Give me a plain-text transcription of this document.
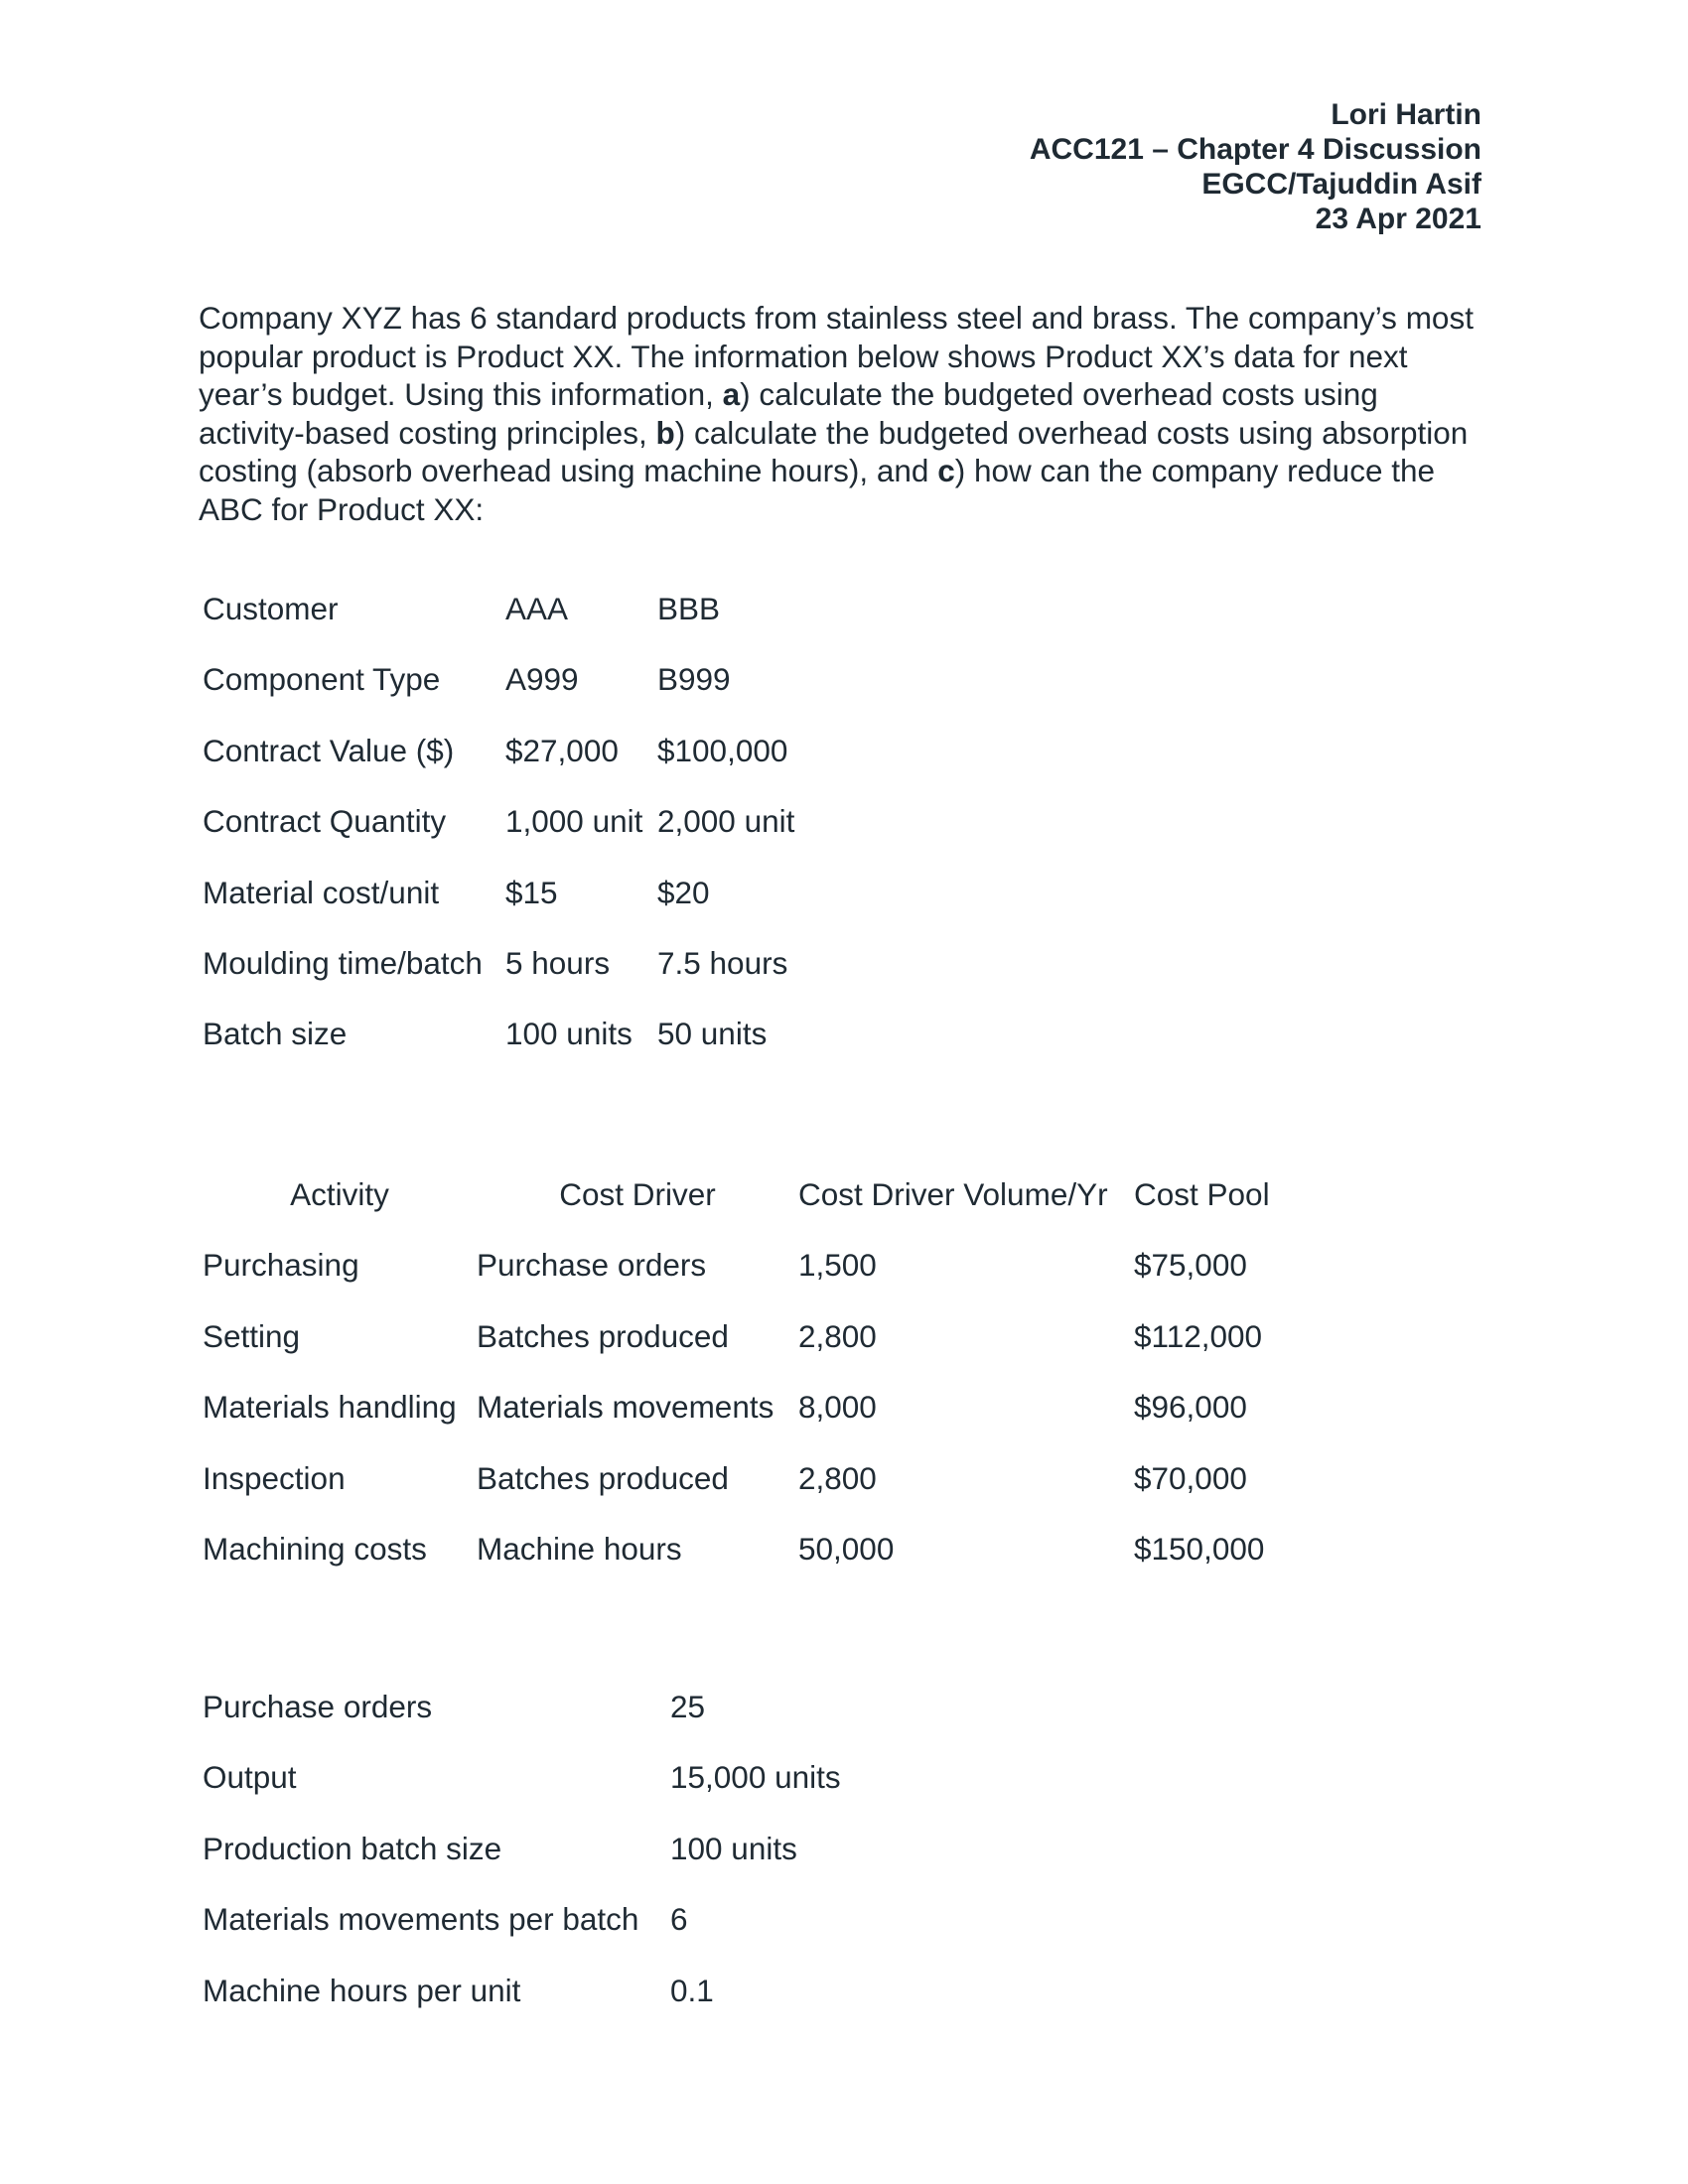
Lori Hartin
ACC121 – Chapter 4 Discussion
EGCC/Tajuddin Asif
23 Apr 2021

Company XYZ has 6 standard products from stainless steel and brass. The company’s most popular product is Product XX. The information below shows Product XX’s data for next year’s budget. Using this information, a) calculate the budgeted overhead costs using activity-based costing principles, b) calculate the budgeted overhead costs using absorption costing (absorb overhead using machine hours), and c) how can the company reduce the ABC for Product XX:

Customer	AAA	BBB
Component Type	A999	B999
Contract Value ($)	$27,000	$100,000
Contract Quantity	1,000 unit	2,000 unit
Material cost/unit	$15	$20
Moulding time/batch	5 hours	7.5 hours
Batch size	100 units	50 units
Activity	Cost Driver	Cost Driver Volume/Yr	Cost Pool
Purchasing	Purchase orders	1,500	$75,000
Setting	Batches produced	2,800	$112,000
Materials handling	Materials movements	8,000	$96,000
Inspection	Batches produced	2,800	$70,000
Machining costs	Machine hours	50,000	$150,000
Purchase orders	25
Output	15,000 units
Production batch size	100 units
Materials movements per batch	6
Machine hours per unit	0.1
